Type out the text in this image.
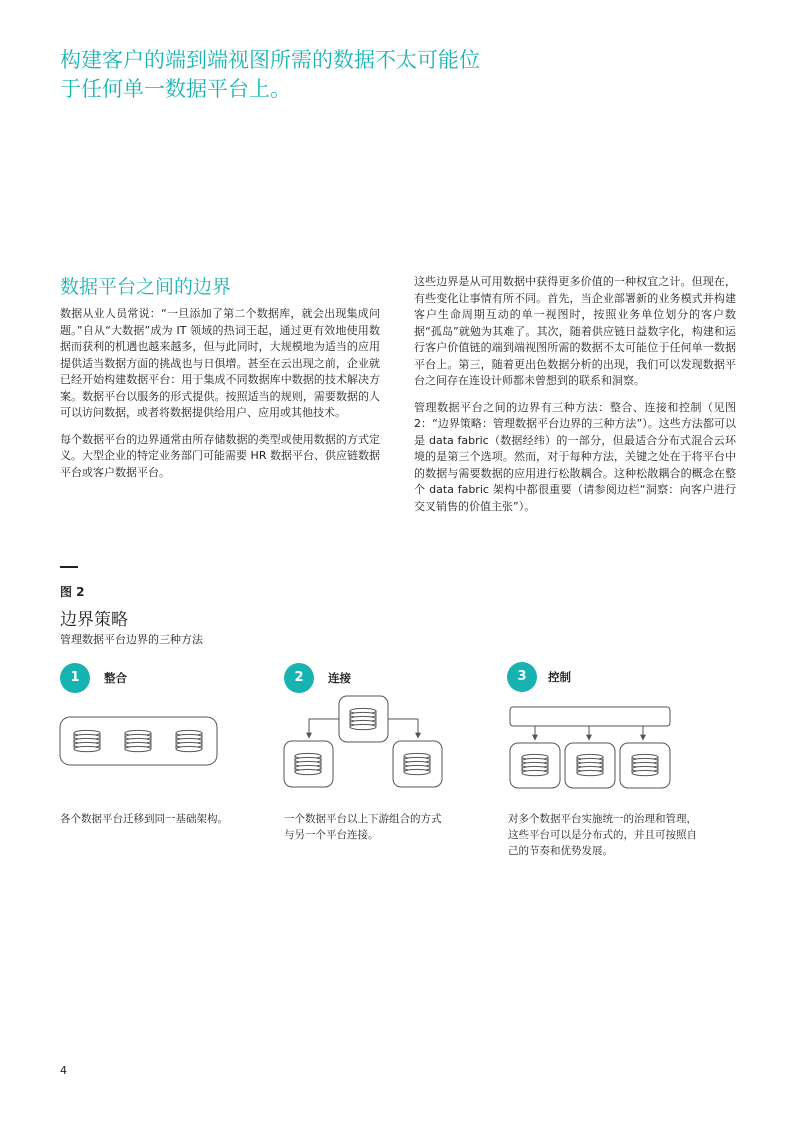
构建客户的端到端视图所需的数据不太可能位于任何单一数据平台上。
数据平台之间的边界

数据从业人员常说：“一旦添加了第二个数据库，就会出现集成问题。”自从“大数据”成为 IT 领域的热词王起，通过更有效地使用数据而获利的机遇也越来越多，但与此同时，大规模地为适当的应用提供适当数据方面的挑战也与日俱增。甚至在云出现之前，企业就已经开始构建数据平台：用于集成不同数据库中数据的技术解决方案。数据平台以服务的形式提供。按照适当的规则，需要数据的人可以访问数据，或者将数据提供给用户、应用或其他技术。

每个数据平台的边界通常由所存储数据的类型或使用数据的方式定义。大型企业的特定业务部门可能需要 HR 数据平台、供应链数据平台或客户数据平台。

这些边界是从可用数据中获得更多价值的一种权宜之计。但现在，有些变化让事情有所不同。首先，当企业部署新的业务模式并构建客户生命周期互动的单一视图时，按照业务单位划分的客户数据“孤岛”就勉为其难了。其次，随着供应链日益数字化，构建和运行客户价值链的端到端视图所需的数据不太可能位于任何单一数据平台上。第三，随着更出色数据分析的出现，我们可以发现数据平台之间存在连设计师都未曾想到的联系和洞察。

管理数据平台之间的边界有三种方法：整合、连接和控制（见图 2：“边界策略：管理数据平台边界的三种方法”）。这些方法都可以是 data fabric（数据经纬）的一部分，但最适合分布式混合云环境的是第三个选项。然而，对于每种方法，关键之处在于将平台中的数据与需要数据的应用进行松散耦合。这种松散耦合的概念在整个 data fabric 架构中都很重要（请参阅边栏“洞察：向客户进行交叉销售的价值主张”）。

图 2
边界策略
管理数据平台边界的三种方法
1	整合	2	连接	3	控制
各个数据平台迁移到同一基础架构。	一个数据平台以上下游组合的方式
与另一个平台连接。
对多个数据平台实施统一的治理和管理，
这些平台可以是分布式的，并且可按照自
己的节奏和优势发展。
4
